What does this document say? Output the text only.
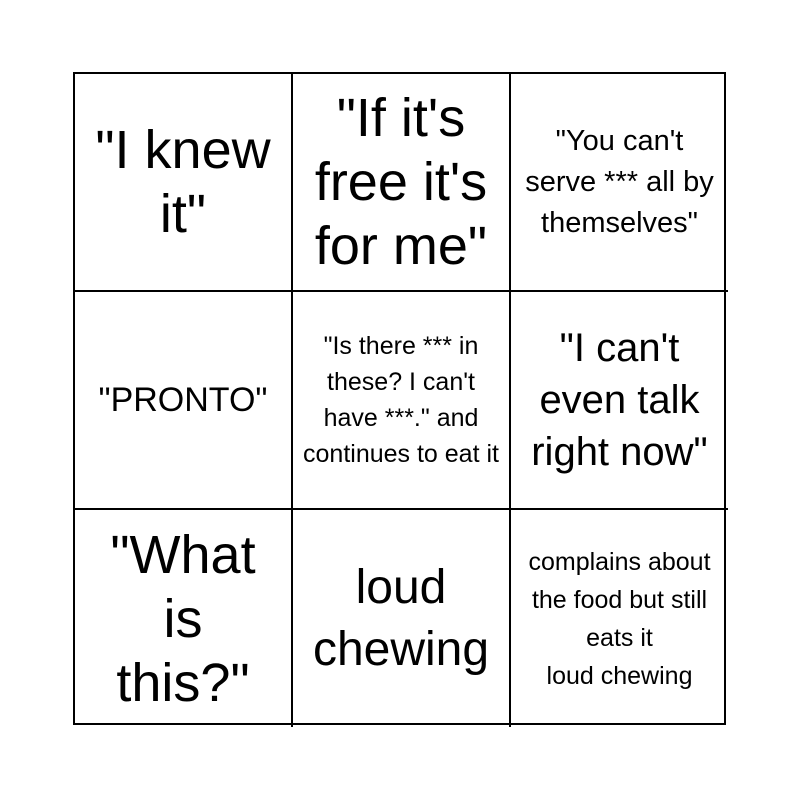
"I knew it"
"If it's free it's for me"
"You can't serve *** all by themselves"
"PRONTO"
"Is there *** in these? I can't have ***." and continues to eat it
"I can't even talk right now"
"What is this?"
loud chewing
complains about the food but still eats it
loud chewing
